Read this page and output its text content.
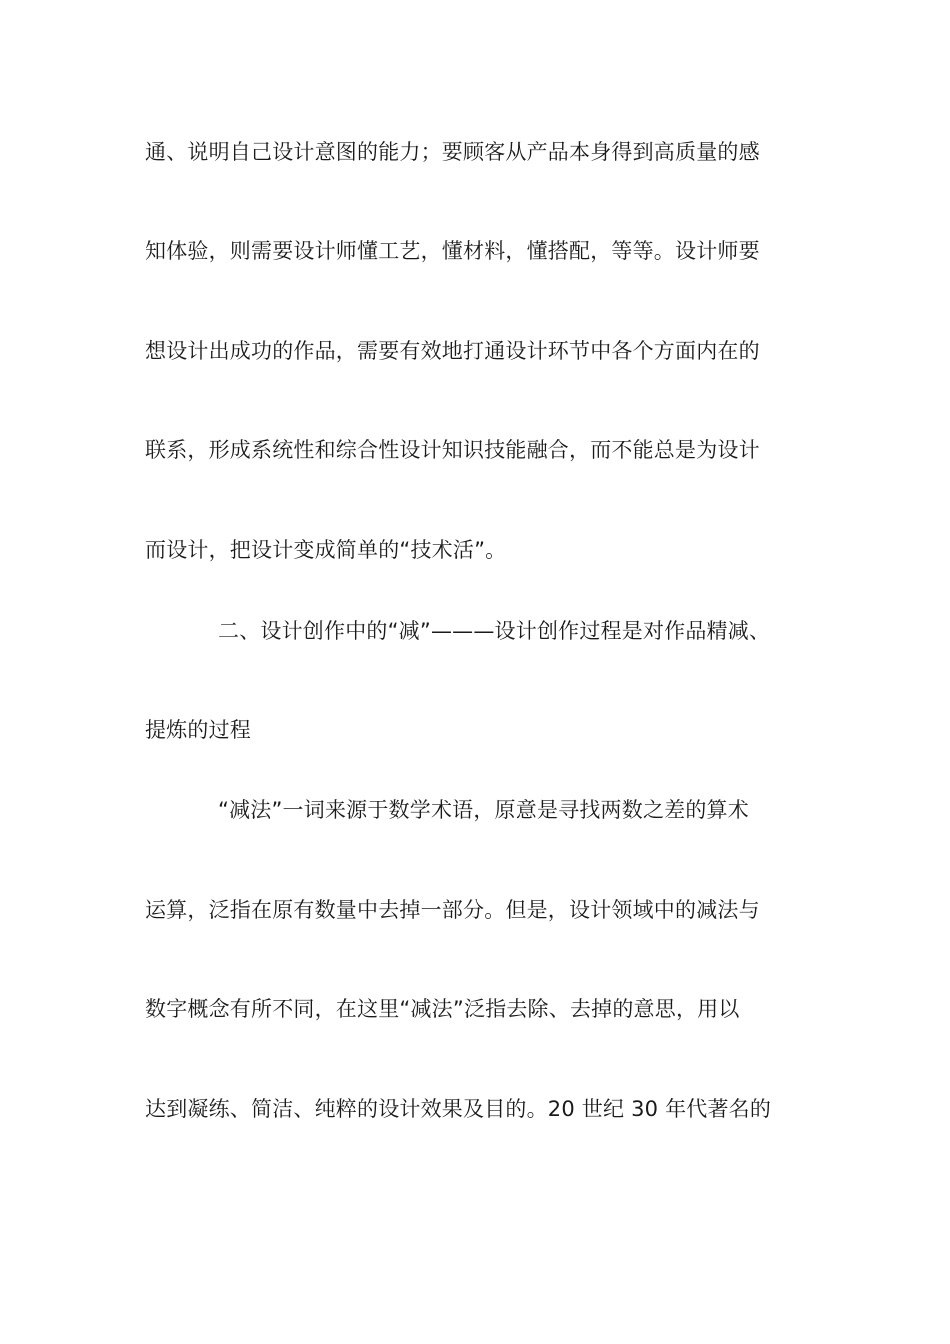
通、说明自己设计意图的能力；要顾客从产品本身得到高质量的感
知体验，则需要设计师懂工艺，懂材料，懂搭配，等等。设计师要
想设计出成功的作品，需要有效地打通设计环节中各个方面内在的
联系，形成系统性和综合性设计知识技能融合，而不能总是为设计
而设计，把设计变成简单的“技术活”。
二、设计创作中的“减”———设计创作过程是对作品精减、
提炼的过程
“减法”一词来源于数学术语，原意是寻找两数之差的算术
运算，泛指在原有数量中去掉一部分。但是，设计领域中的减法与
数字概念有所不同，在这里“减法”泛指去除、去掉的意思，用以
达到凝练、简洁、纯粹的设计效果及目的。20 世纪 30 年代著名的
